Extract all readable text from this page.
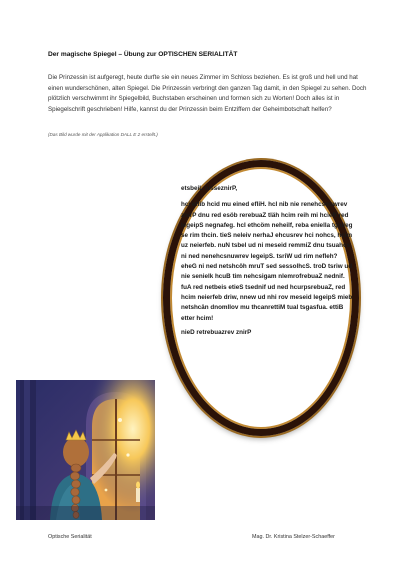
Der magische Spiegel – Übung zur OPTISCHEN SERIALITÄT
Die Prinzessin ist aufgeregt, heute durfte sie ein neues Zimmer im Schloss beziehen. Es ist groß und hell und hat einen wunderschönen, alten Spiegel. Die Prinzessin verbringt den ganzen Tag damit, in den Spiegel zu sehen. Doch plötzlich verschwimmt ihr Spiegelbild, Buchstaben erscheinen und formen sich zu Worten! Doch alles ist in Spiegelschrift geschrieben! Hilfe, kannst du der Prinzessin beim Entziffern der Geheimbotschaft helfen?
(Das Bild wurde mit der Applikation DALL E 2 erstellt.)

etsbeiL nisseznirP,

hci ettib hcid mu eined efliH. hcI nib nie renehcsnuwrev znirP dnu red esöb rerebuaZ tläh hcim reih mi hcieR red legeipS negnafeg. hcI ethcöm neheilf, reba eniella tgnileg se rim thcin. tieS neleiv nerhaJ ehcusrev hci nohcs, hcim uz neierfeb. nuN tsbel ud ni meseid remmiZ dnu tsuahcs ni ned nenehcsnuwrev legeipS. tsriW ud rim nefleh? eheG ni ned netshcöh mruT sed sessolhcS. troD tsriw ud nie senielk hcuB tim nehcsigam nlemrofrebuaZ nednif. fuA red netbeis etieS tsednif ud ned hcurpsrebuaZ, red hcim neierfeb driw, nnew ud nhi rov meseid legeipS mieb netshcän dnomllov mu thcanrettiM tual tsgasfua. ettiB etter hcim!

nieD retrebuazrev znirP

Optische Serialität	Mag. Dr. Kristina Stelzer-Schaeffer
